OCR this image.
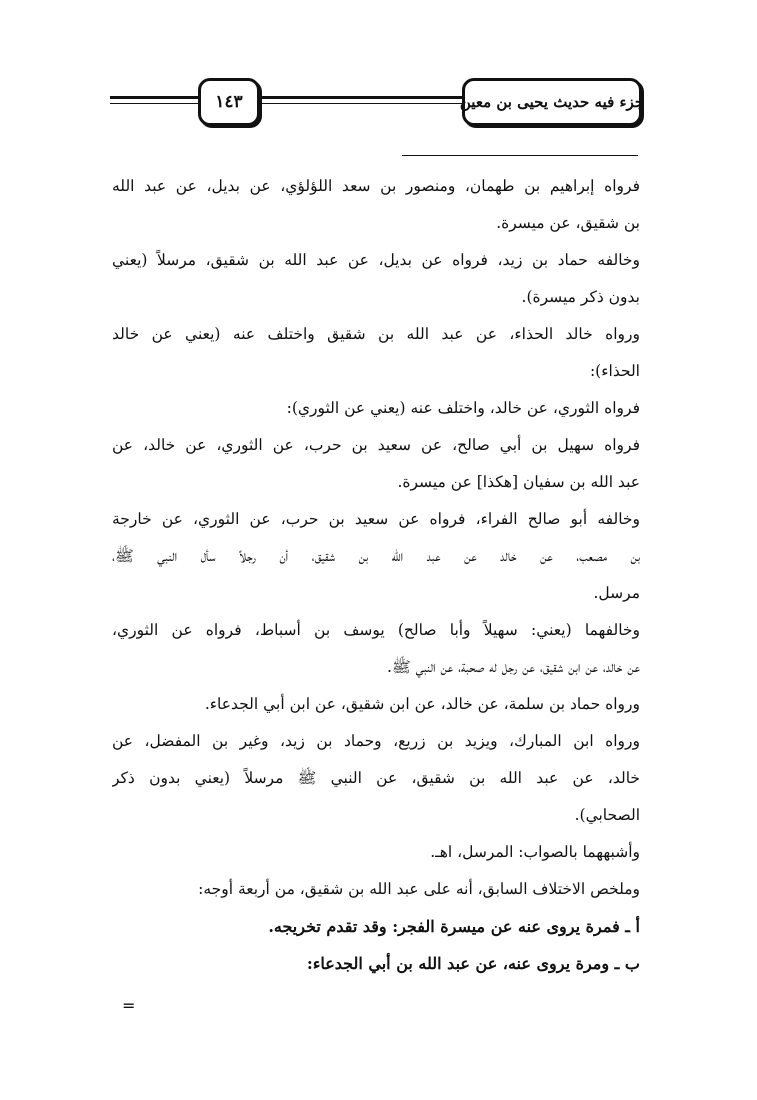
جزء فيه حديث يحيى بن معين
١٤٣
فرواه إبراهيم بن طهمان، ومنصور بن سعد اللؤلؤي، عن بديل، عن عبد الله
بن شقيق، عن ميسرة.
وخالفه حماد بن زيد، فرواه عن بديل، عن عبد الله بن شقيق، مرسلاً (يعني
بدون ذكر ميسرة).
ورواه خالد الحذاء، عن عبد الله بن شقيق واختلف عنه (يعني عن خالد
الحذاء):
فرواه الثوري، عن خالد، واختلف عنه (يعني عن الثوري):
فرواه سهيل بن أبي صالح، عن سعيد بن حرب، عن الثوري، عن خالد، عن
عبد الله بن سفيان [هكذا] عن ميسرة.
وخالفه أبو صالح الفراء، فرواه عن سعيد بن حرب، عن الثوري، عن خارجة
بن مصعب، عن خالد عن عبد الله بن شقيق، أن رجلاً سأل النبي ﷺ،
مرسل.
وخالفهما (يعني: سهيلاً وأبا صالح) يوسف بن أسباط، فرواه عن الثوري،
عن خالد، عن ابن شقيق، عن رجل له صحبة، عن النبي ﷺ.
ورواه حماد بن سلمة، عن خالد، عن ابن شقيق، عن ابن أبي الجدعاء.
ورواه ابن المبارك، ويزيد بن زريع، وحماد بن زيد، وغير بن المفضل، عن
خالد، عن عبد الله بن شقيق، عن النبي ﷺ مرسلاً (يعني بدون ذكر
الصحابي).
وأشبههما بالصواب: المرسل، اهـ.
وملخص الاختلاف السابق، أنه على عبد الله بن شقيق، من أربعة أوجه:
أ ـ فمرة يروى عنه عن ميسرة الفجر: وقد تقدم تخريجه.
ب ـ ومرة يروى عنه، عن عبد الله بن أبي الجدعاء:
=
